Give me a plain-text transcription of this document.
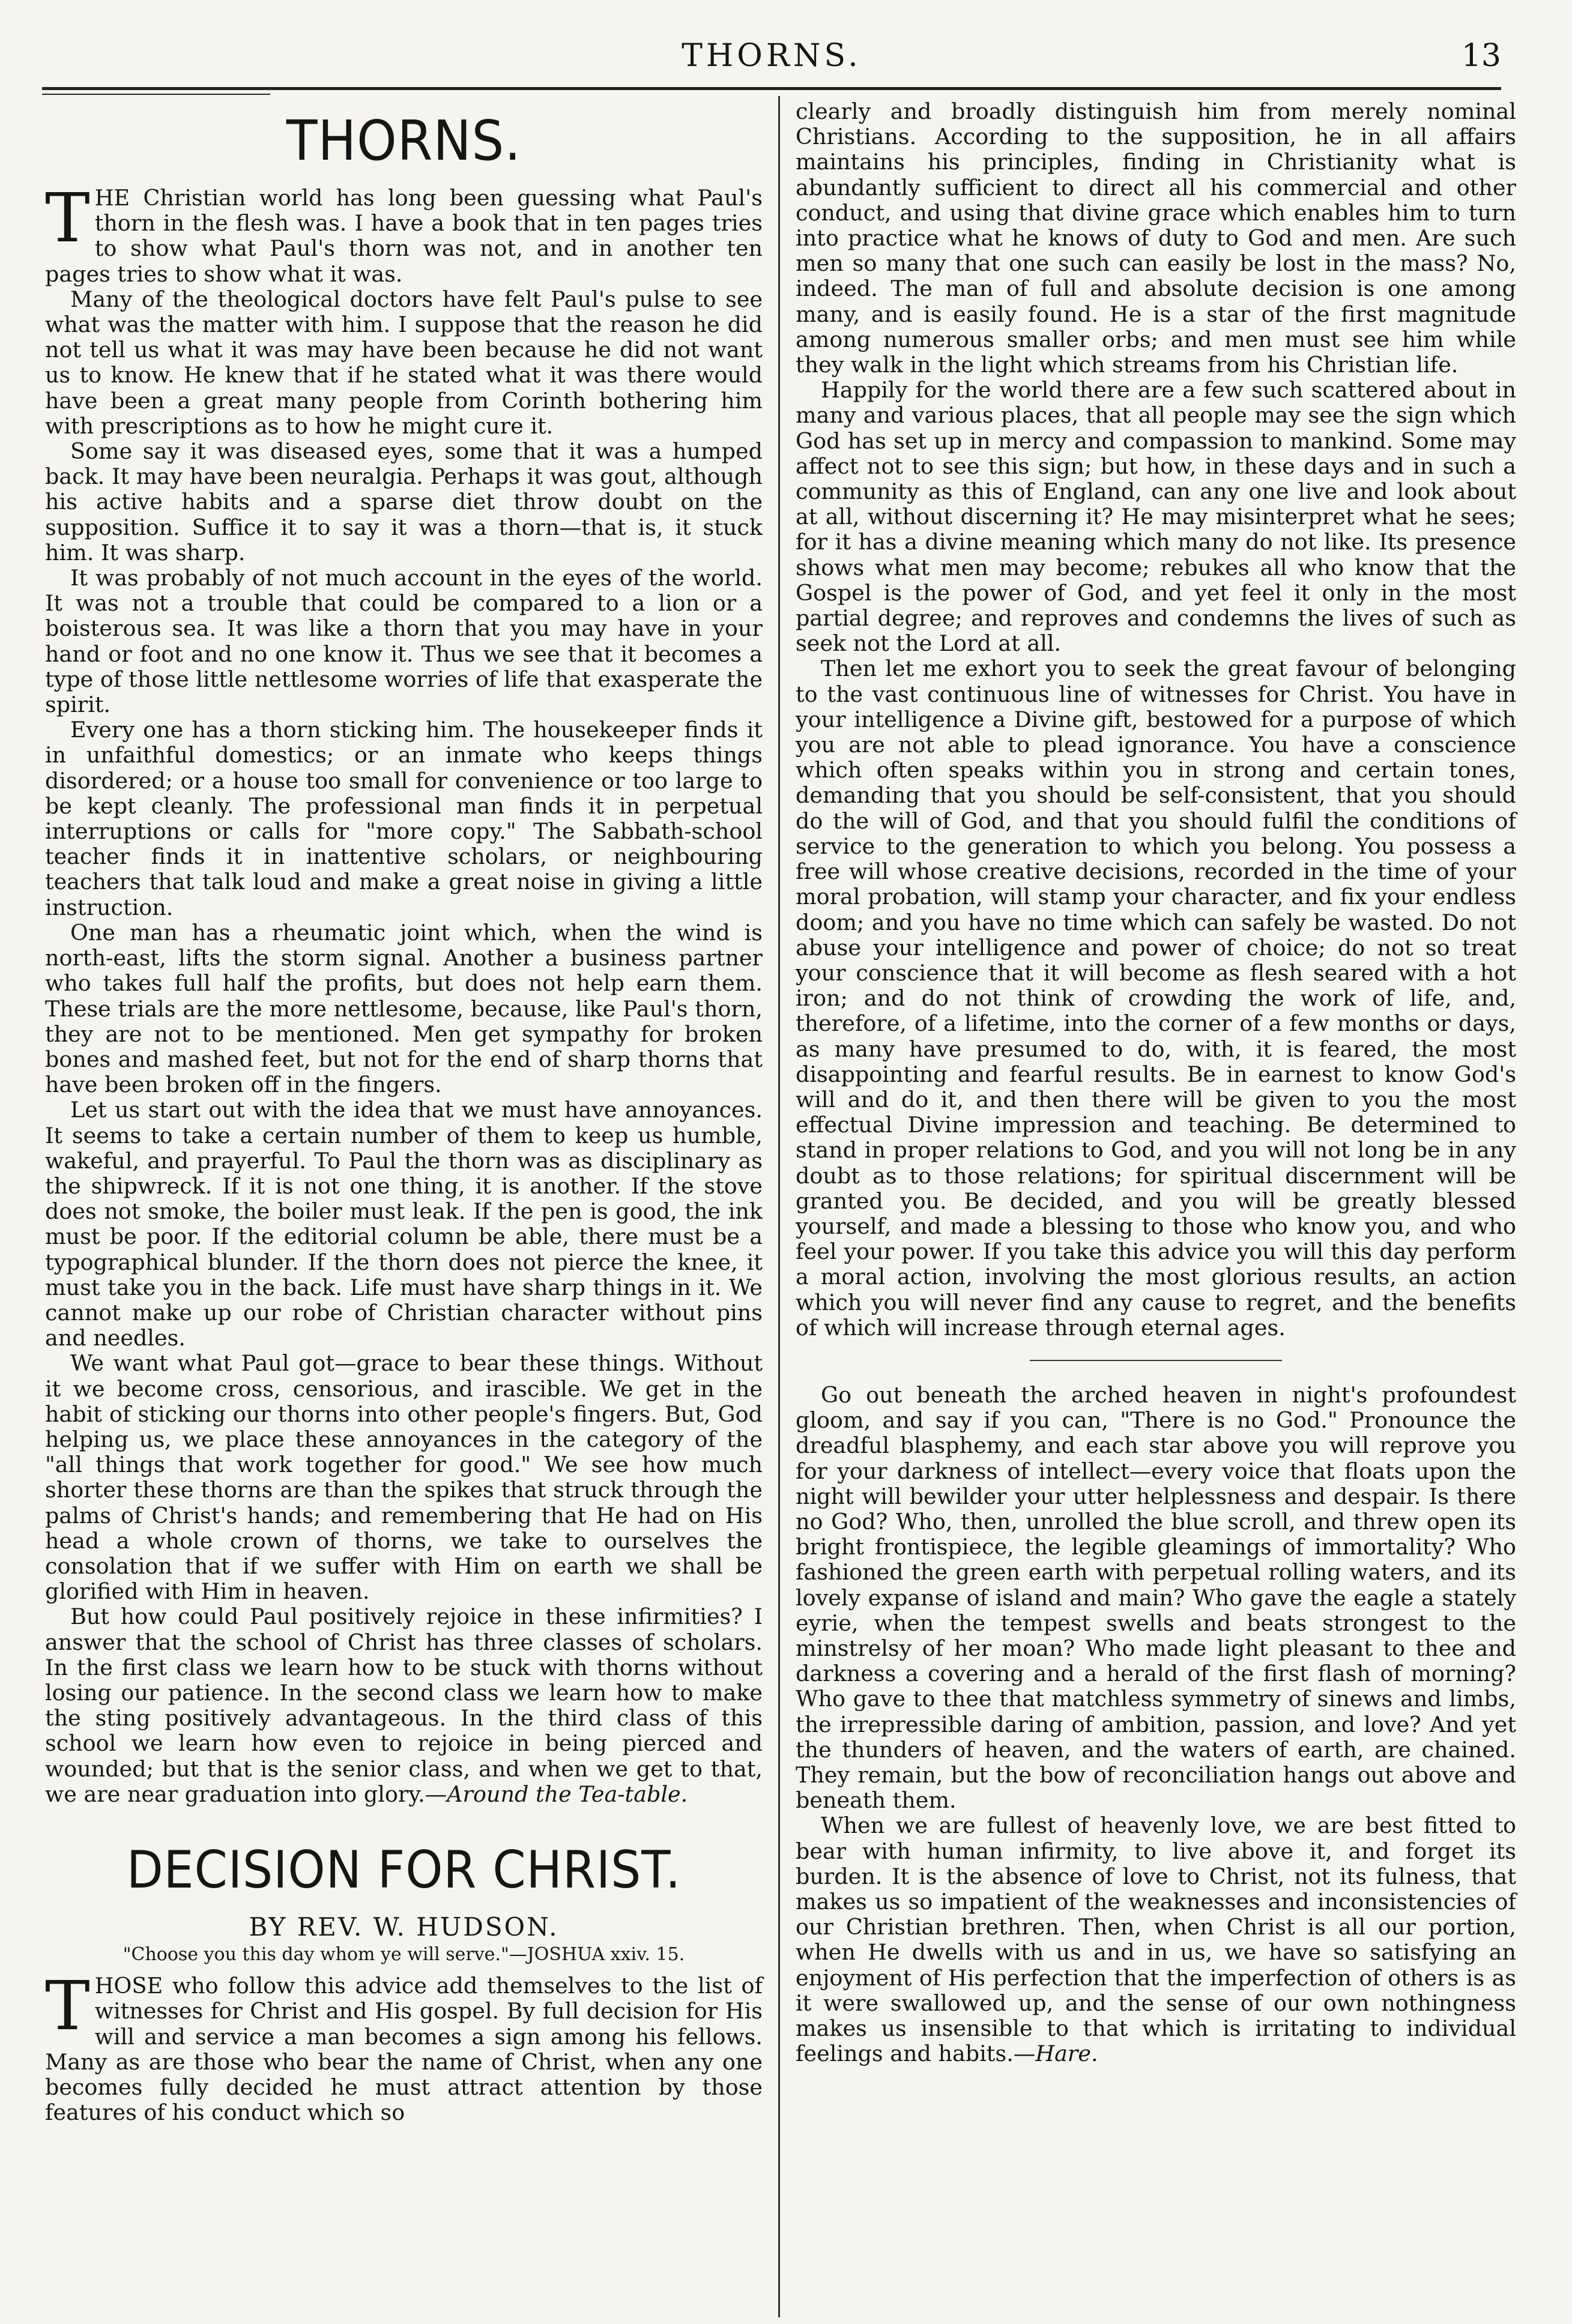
THORNS.	13
THORNS.

THE Christian world has long been guessing what Paul's thorn in the flesh was. I have a book that in ten pages tries to show what Paul's thorn was not, and in another ten pages tries to show what it was.

Many of the theological doctors have felt Paul's pulse to see what was the matter with him. I suppose that the reason he did not tell us what it was may have been because he did not want us to know. He knew that if he stated what it was there would have been a great many people from Corinth bothering him with prescriptions as to how he might cure it.

Some say it was diseased eyes, some that it was a humped back. It may have been neuralgia. Perhaps it was gout, although his active habits and a sparse diet throw doubt on the supposition. Suffice it to say it was a thorn—that is, it stuck him. It was sharp.

It was probably of not much account in the eyes of the world. It was not a trouble that could be compared to a lion or a boisterous sea. It was like a thorn that you may have in your hand or foot and no one know it. Thus we see that it becomes a type of those little nettlesome worries of life that exasperate the spirit.

Every one has a thorn sticking him. The housekeeper finds it in unfaithful domestics; or an inmate who keeps things disordered; or a house too small for convenience or too large to be kept cleanly. The professional man finds it in perpetual interruptions or calls for "more copy." The Sabbath-school teacher finds it in inattentive scholars, or neighbouring teachers that talk loud and make a great noise in giving a little instruction.

One man has a rheumatic joint which, when the wind is north-east, lifts the storm signal. Another a business partner who takes full half the profits, but does not help earn them. These trials are the more nettlesome, because, like Paul's thorn, they are not to be mentioned. Men get sympathy for broken bones and mashed feet, but not for the end of sharp thorns that have been broken off in the fingers.

Let us start out with the idea that we must have annoyances. It seems to take a certain number of them to keep us humble, wakeful, and prayerful. To Paul the thorn was as disciplinary as the shipwreck. If it is not one thing, it is another. If the stove does not smoke, the boiler must leak. If the pen is good, the ink must be poor. If the editorial column be able, there must be a typographical blunder. If the thorn does not pierce the knee, it must take you in the back. Life must have sharp things in it. We cannot make up our robe of Christian character without pins and needles.

We want what Paul got—grace to bear these things. Without it we become cross, censorious, and irascible. We get in the habit of sticking our thorns into other people's fingers. But, God helping us, we place these annoyances in the category of the "all things that work together for good." We see how much shorter these thorns are than the spikes that struck through the palms of Christ's hands; and remembering that He had on His head a whole crown of thorns, we take to ourselves the consolation that if we suffer with Him on earth we shall be glorified with Him in heaven.

But how could Paul positively rejoice in these infirmities? I answer that the school of Christ has three classes of scholars. In the first class we learn how to be stuck with thorns without losing our patience. In the second class we learn how to make the sting positively advantageous. In the third class of this school we learn how even to rejoice in being pierced and wounded; but that is the senior class, and when we get to that, we are near graduation into glory.—Around the Tea-table.

DECISION FOR CHRIST.
BY REV. W. HUDSON.
"Choose you this day whom ye will serve."—JOSHUA xxiv. 15.

THOSE who follow this advice add themselves to the list of witnesses for Christ and His gospel. By full decision for His will and service a man becomes a sign among his fellows. Many as are those who bear the name of Christ, when any one becomes fully decided he must attract attention by those features of his conduct which so

clearly and broadly distinguish him from merely nominal Christians. According to the supposition, he in all affairs maintains his principles, finding in Christianity what is abundantly sufficient to direct all his commercial and other conduct, and using that divine grace which enables him to turn into practice what he knows of duty to God and men. Are such men so many that one such can easily be lost in the mass? No, indeed. The man of full and absolute decision is one among many, and is easily found. He is a star of the first magnitude among numerous smaller orbs; and men must see him while they walk in the light which streams from his Christian life.

Happily for the world there are a few such scattered about in many and various places, that all people may see the sign which God has set up in mercy and compassion to mankind. Some may affect not to see this sign; but how, in these days and in such a community as this of England, can any one live and look about at all, without discerning it? He may misinterpret what he sees; for it has a divine meaning which many do not like. Its presence shows what men may become; rebukes all who know that the Gospel is the power of God, and yet feel it only in the most partial degree; and reproves and condemns the lives of such as seek not the Lord at all.

Then let me exhort you to seek the great favour of belonging to the vast continuous line of witnesses for Christ. You have in your intelligence a Divine gift, bestowed for a purpose of which you are not able to plead ignorance. You have a conscience which often speaks within you in strong and certain tones, demanding that you should be self-consistent, that you should do the will of God, and that you should fulfil the conditions of service to the generation to which you belong. You possess a free will whose creative decisions, recorded in the time of your moral probation, will stamp your character, and fix your endless doom; and you have no time which can safely be wasted. Do not abuse your intelligence and power of choice; do not so treat your conscience that it will become as flesh seared with a hot iron; and do not think of crowding the work of life, and, therefore, of a lifetime, into the corner of a few months or days, as many have presumed to do, with, it is feared, the most disappointing and fearful results. Be in earnest to know God's will and do it, and then there will be given to you the most effectual Divine impression and teaching. Be determined to stand in proper relations to God, and you will not long be in any doubt as to those relations; for spiritual discernment will be granted you. Be decided, and you will be greatly blessed yourself, and made a blessing to those who know you, and who feel your power. If you take this advice you will this day perform a moral action, involving the most glorious results, an action which you will never find any cause to regret, and the benefits of which will increase through eternal ages.

Go out beneath the arched heaven in night's profoundest gloom, and say if you can, "There is no God." Pronounce the dreadful blasphemy, and each star above you will reprove you for your darkness of intellect—every voice that floats upon the night will bewilder your utter helplessness and despair. Is there no God? Who, then, unrolled the blue scroll, and threw open its bright frontispiece, the legible gleamings of immortality? Who fashioned the green earth with perpetual rolling waters, and its lovely expanse of island and main? Who gave the eagle a stately eyrie, when the tempest swells and beats strongest to the minstrelsy of her moan? Who made light pleasant to thee and darkness a covering and a herald of the first flash of morning? Who gave to thee that matchless symmetry of sinews and limbs, the irrepressible daring of ambition, passion, and love? And yet the thunders of heaven, and the waters of earth, are chained. They remain, but the bow of reconciliation hangs out above and beneath them.

When we are fullest of heavenly love, we are best fitted to bear with human infirmity, to live above it, and forget its burden. It is the absence of love to Christ, not its fulness, that makes us so impatient of the weaknesses and inconsistencies of our Christian brethren. Then, when Christ is all our portion, when He dwells with us and in us, we have so satisfying an enjoyment of His perfection that the imperfection of others is as it were swallowed up, and the sense of our own nothingness makes us insensible to that which is irritating to individual feelings and habits.—Hare.
